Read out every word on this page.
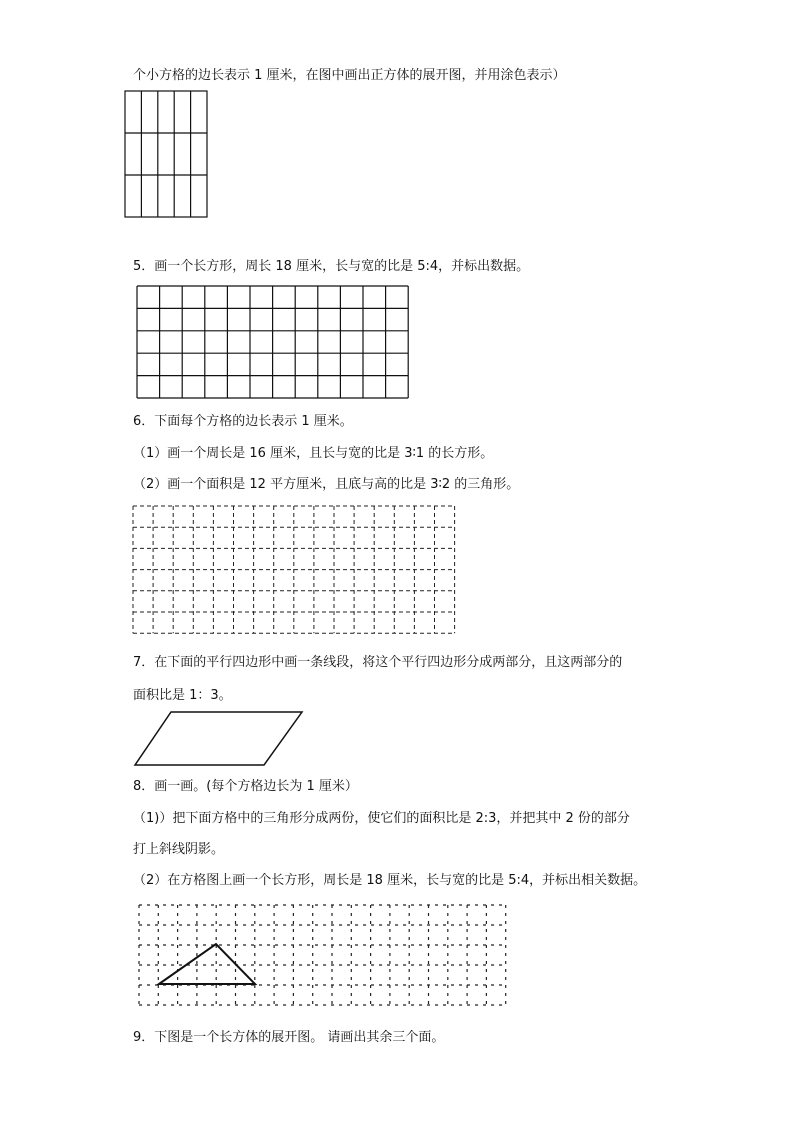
个小方格的边长表示 1 厘米，在图中画出正方体的展开图，并用涂色表示）
5．画一个长方形，周长 18 厘米，长与宽的比是 5:4，并标出数据。
6．下面每个方格的边长表示 1 厘米。
（1）画一个周长是 16 厘米，且长与宽的比是 3∶1 的长方形。
（2）画一个面积是 12 平方厘米，且底与高的比是 3∶2 的三角形。
7．在下面的平行四边形中画一条线段，将这个平行四边形分成两部分，且这两部分的
面积比是 1：3。
8．画一画。(每个方格边长为 1 厘米）
（1)）把下面方格中的三角形分成两份，使它们的面积比是 2:3，并把其中 2 份的部分
打上斜线阴影。
（2）在方格图上画一个长方形，周长是 18 厘米，长与宽的比是 5:4，并标出相关数据。
9．下图是一个长方体的展开图。 请画出其余三个面。
